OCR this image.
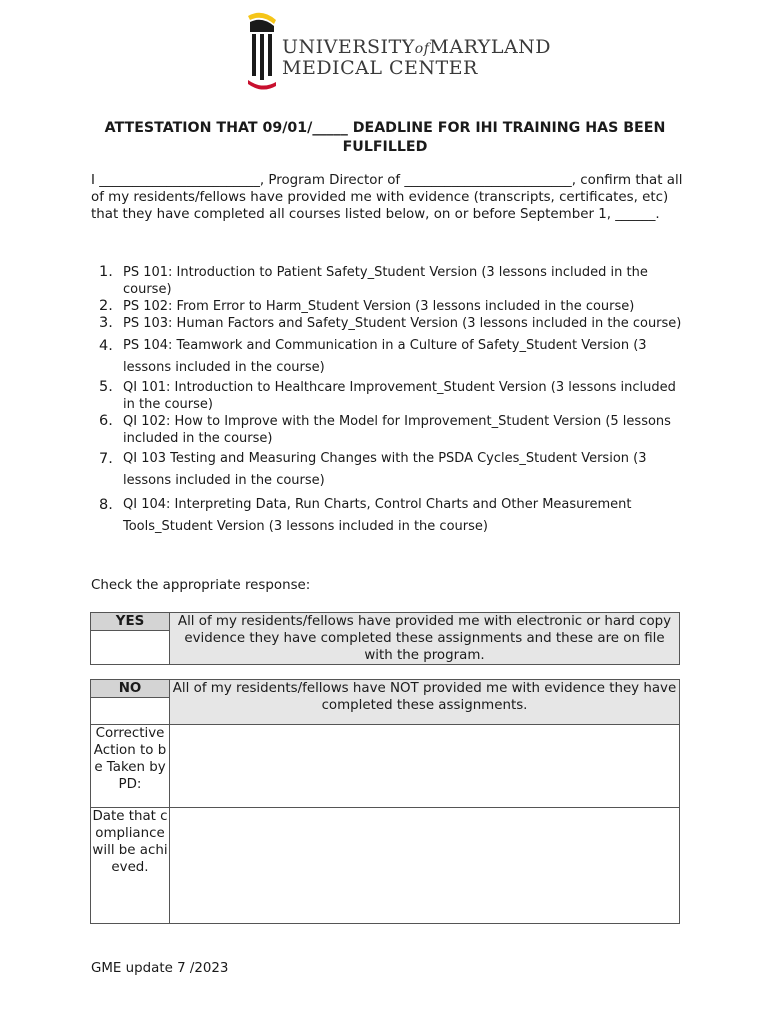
UNIVERSITYofMARYLAND
MEDICAL CENTER
ATTESTATION THAT 09/01/_____ DEADLINE FOR IHI TRAINING HAS BEEN FULFILLED
I ________________________, Program Director of _________________________, confirm that all of my residents/fellows have provided me with evidence (transcripts, certificates, etc) that they have completed all courses listed below, on or before September 1, ______.
1. PS 101: Introduction to Patient Safety_Student Version (3 lessons included in the course)
2. PS 102: From Error to Harm_Student Version (3 lessons included in the course)
3. PS 103: Human Factors and Safety_Student Version (3 lessons included in the course)
4. PS 104: Teamwork and Communication in a Culture of Safety_Student Version (3 lessons included in the course)
5. QI 101: Introduction to Healthcare Improvement_Student Version (3 lessons included in the course)
6. QI 102: How to Improve with the Model for Improvement_Student Version (5 lessons included in the course)
7. QI 103 Testing and Measuring Changes with the PSDA Cycles_Student Version (3 lessons included in the course)
8. QI 104: Interpreting Data, Run Charts, Control Charts and Other Measurement Tools_Student Version (3 lessons included in the course)
Check the appropriate response:
YES	All of my residents/fellows have provided me with electronic or hard copy evidence they have completed these assignments and these are on file with the program.

NO	All of my residents/fellows have NOT provided me with evidence they have completed these assignments.

Corrective Action to be Taken by PD:	
Date that compliance will be achieved.	
GME update 7 /2023
